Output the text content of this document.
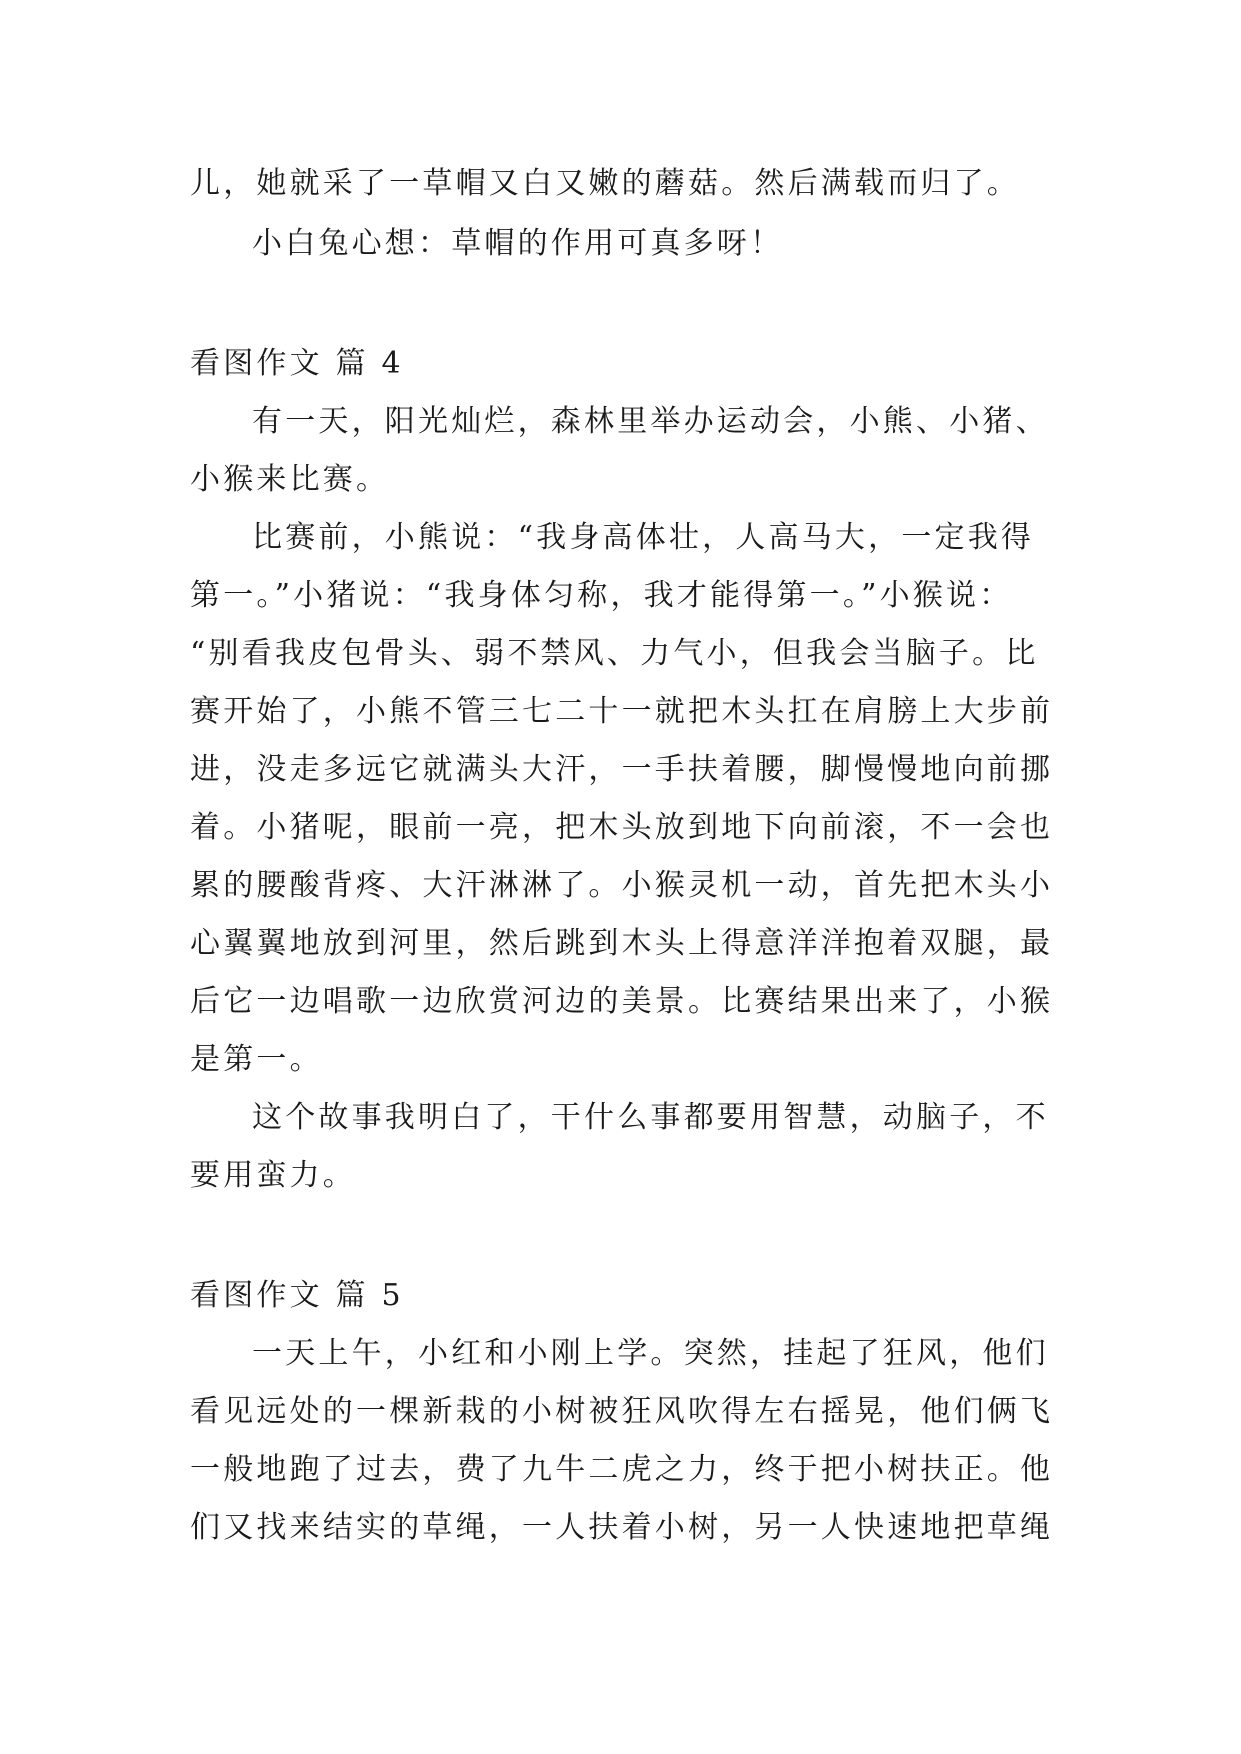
儿，她就采了一草帽又白又嫩的蘑菇。然后满载而归了。
小白兔心想：草帽的作用可真多呀！
看图作文 篇 4
有一天，阳光灿烂，森林里举办运动会，小熊、小猪、
小猴来比赛。
比赛前，小熊说：“我身高体壮，人高马大，一定我得
第一。”小猪说：“我身体匀称，我才能得第一。”小猴说：
“别看我皮包骨头、弱不禁风、力气小，但我会当脑子。比
赛开始了，小熊不管三七二十一就把木头扛在肩膀上大步前
进，没走多远它就满头大汗，一手扶着腰，脚慢慢地向前挪
着。小猪呢，眼前一亮，把木头放到地下向前滚，不一会也
累的腰酸背疼、大汗淋淋了。小猴灵机一动，首先把木头小
心翼翼地放到河里，然后跳到木头上得意洋洋抱着双腿，最
后它一边唱歌一边欣赏河边的美景。比赛结果出来了，小猴
是第一。
这个故事我明白了，干什么事都要用智慧，动脑子，不
要用蛮力。
看图作文 篇 5
一天上午，小红和小刚上学。突然，挂起了狂风，他们
看见远处的一棵新栽的小树被狂风吹得左右摇晃，他们俩飞
一般地跑了过去，费了九牛二虎之力，终于把小树扶正。他
们又找来结实的草绳，一人扶着小树，另一人快速地把草绳
